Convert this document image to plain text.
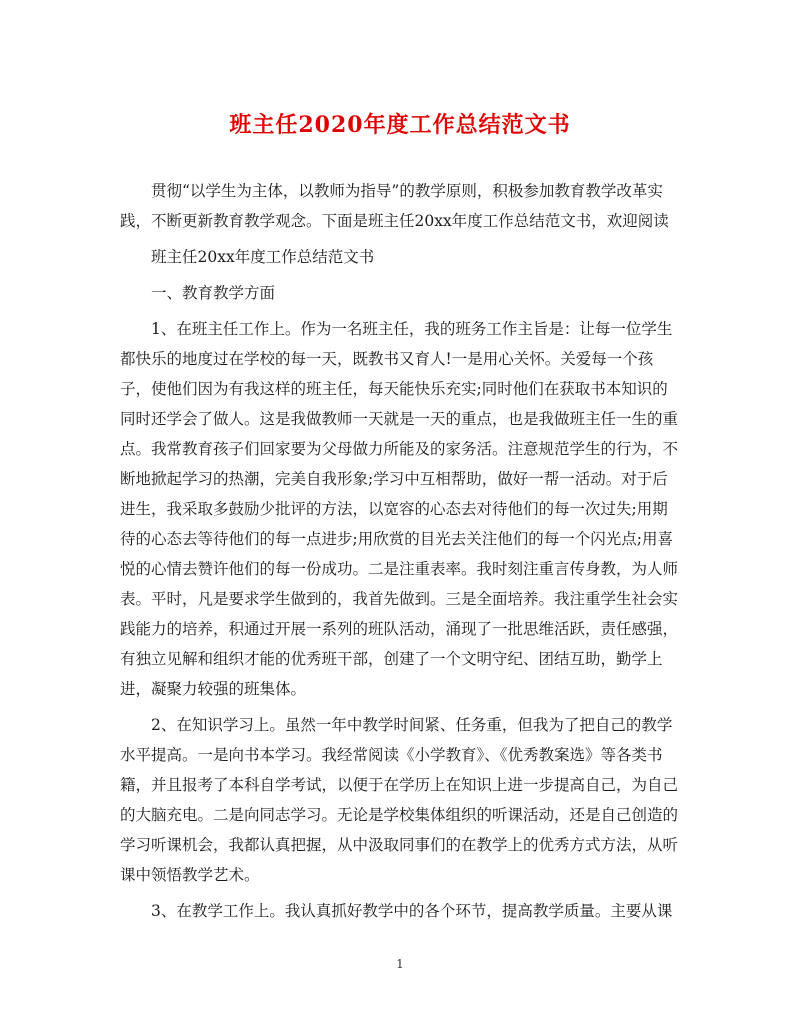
班主任2020年度工作总结范文书

贯彻“以学生为主体，以教师为指导”的教学原则，积极参加教育教学改革实践，不断更新教育教学观念。下面是班主任20xx年度工作总结范文书，欢迎阅读

班主任20xx年度工作总结范文书

一、教育教学方面

1、在班主任工作上。作为一名班主任，我的班务工作主旨是：让每一位学生都快乐的地度过在学校的每一天，既教书又育人!一是用心关怀。关爱每一个孩子，使他们因为有我这样的班主任，每天能快乐充实;同时他们在获取书本知识的同时还学会了做人。这是我做教师一天就是一天的重点，也是我做班主任一生的重点。我常教育孩子们回家要为父母做力所能及的家务活。注意规范学生的行为，不断地掀起学习的热潮，完美自我形象;学习中互相帮助，做好一帮一活动。对于后进生，我采取多鼓励少批评的方法，以宽容的心态去对待他们的每一次过失;用期待的心态去等待他们的每一点进步;用欣赏的目光去关注他们的每一个闪光点;用喜悦的心情去赞许他们的每一份成功。二是注重表率。我时刻注重言传身教，为人师表。平时，凡是要求学生做到的，我首先做到。三是全面培养。我注重学生社会实践能力的培养，积通过开展一系列的班队活动，涌现了一批思维活跃，责任感强，有独立见解和组织才能的优秀班干部，创建了一个文明守纪、团结互助，勤学上进，凝聚力较强的班集体。

2、在知识学习上。虽然一年中教学时间紧、任务重，但我为了把自己的教学水平提高。一是向书本学习。我经常阅读《小学教育》、《优秀教案选》等各类书籍，并且报考了本科自学考试，以便于在学历上在知识上进一步提高自己，为自己的大脑充电。二是向同志学习。无论是学校集体组织的听课活动，还是自己创造的学习听课机会，我都认真把握，从中汲取同事们的在教学上的优秀方式方法，从听课中领悟教学艺术。

3、在教学工作上。我认真抓好教学中的各个环节，提高教学质量。主要从课

1
